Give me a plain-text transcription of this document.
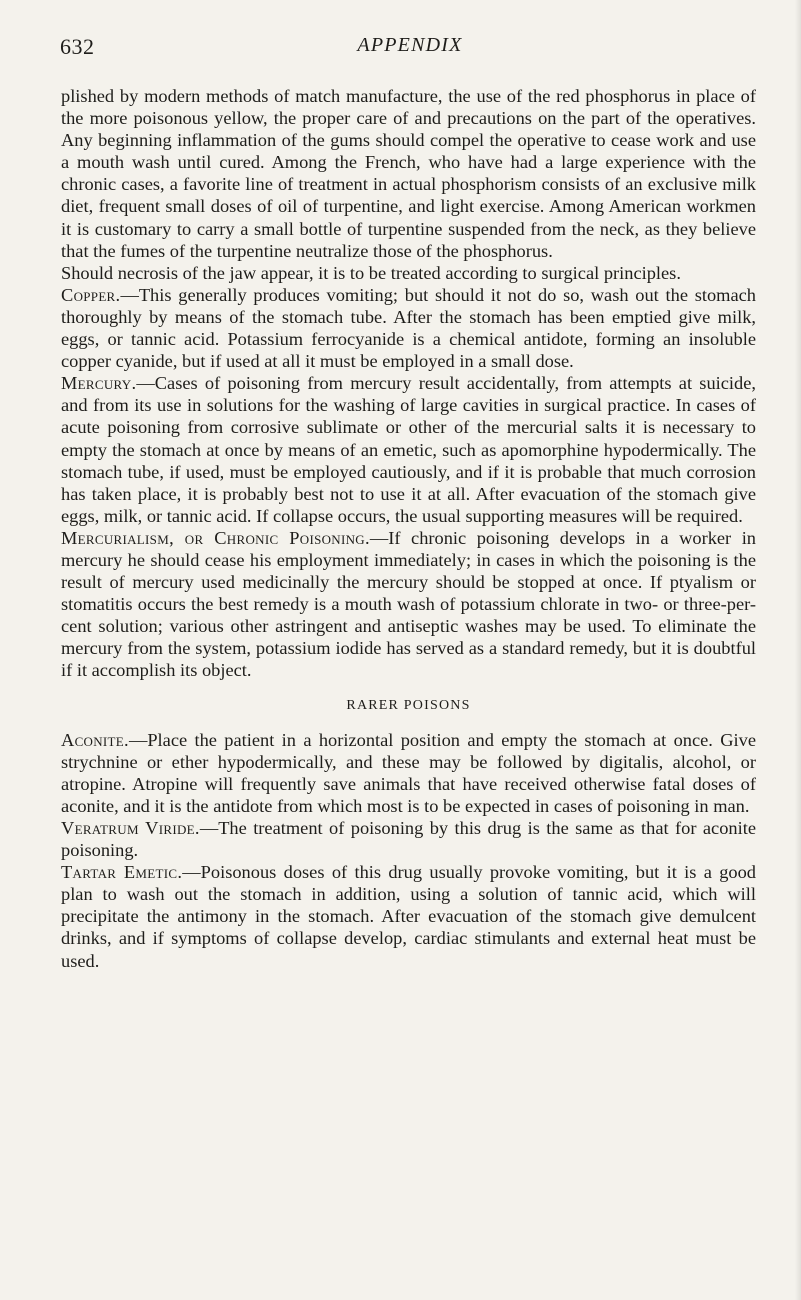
632	APPENDIX

plished by modern methods of match manufacture, the use of the red phosphorus in place of the more poisonous yellow, the proper care of and precautions on the part of the operatives. Any beginning inflammation of the gums should compel the operative to cease work and use a mouth wash until cured. Among the French, who have had a large experience with the chronic cases, a favorite line of treatment in actual phosphorism consists of an exclusive milk diet, frequent small doses of oil of turpentine, and light exercise. Among American workmen it is customary to carry a small bottle of turpentine suspended from the neck, as they believe that the fumes of the turpentine neutralize those of the phosphorus.

Should necrosis of the jaw appear, it is to be treated according to surgical principles.

Copper.—This generally produces vomiting; but should it not do so, wash out the stomach thoroughly by means of the stomach tube. After the stomach has been emptied give milk, eggs, or tannic acid. Potassium ferrocyanide is a chemical antidote, forming an insoluble copper cyanide, but if used at all it must be employed in a small dose.

Mercury.—Cases of poisoning from mercury result accidentally, from attempts at suicide, and from its use in solutions for the washing of large cavities in surgical practice. In cases of acute poisoning from corrosive sublimate or other of the mercurial salts it is necessary to empty the stomach at once by means of an emetic, such as apomorphine hypodermically. The stomach tube, if used, must be employed cautiously, and if it is probable that much corrosion has taken place, it is probably best not to use it at all. After evacuation of the stomach give eggs, milk, or tannic acid. If collapse occurs, the usual supporting measures will be required.

Mercurialism, or Chronic Poisoning.—If chronic poisoning develops in a worker in mercury he should cease his employment immediately; in cases in which the poisoning is the result of mercury used medicinally the mercury should be stopped at once. If ptyalism or stomatitis occurs the best remedy is a mouth wash of potassium chlorate in two- or three-per-cent solution; various other astringent and antiseptic washes may be used. To eliminate the mercury from the system, potassium iodide has served as a standard remedy, but it is doubtful if it accomplish its object.

RARER POISONS

Aconite.—Place the patient in a horizontal position and empty the stomach at once. Give strychnine or ether hypodermically, and these may be followed by digitalis, alcohol, or atropine. Atropine will frequently save animals that have received otherwise fatal doses of aconite, and it is the antidote from which most is to be expected in cases of poisoning in man.

Veratrum Viride.—The treatment of poisoning by this drug is the same as that for aconite poisoning.

Tartar Emetic.—Poisonous doses of this drug usually provoke vomiting, but it is a good plan to wash out the stomach in addition, using a solution of tannic acid, which will precipitate the antimony in the stomach. After evacuation of the stomach give demulcent drinks, and if symptoms of collapse develop, cardiac stimulants and external heat must be used.
